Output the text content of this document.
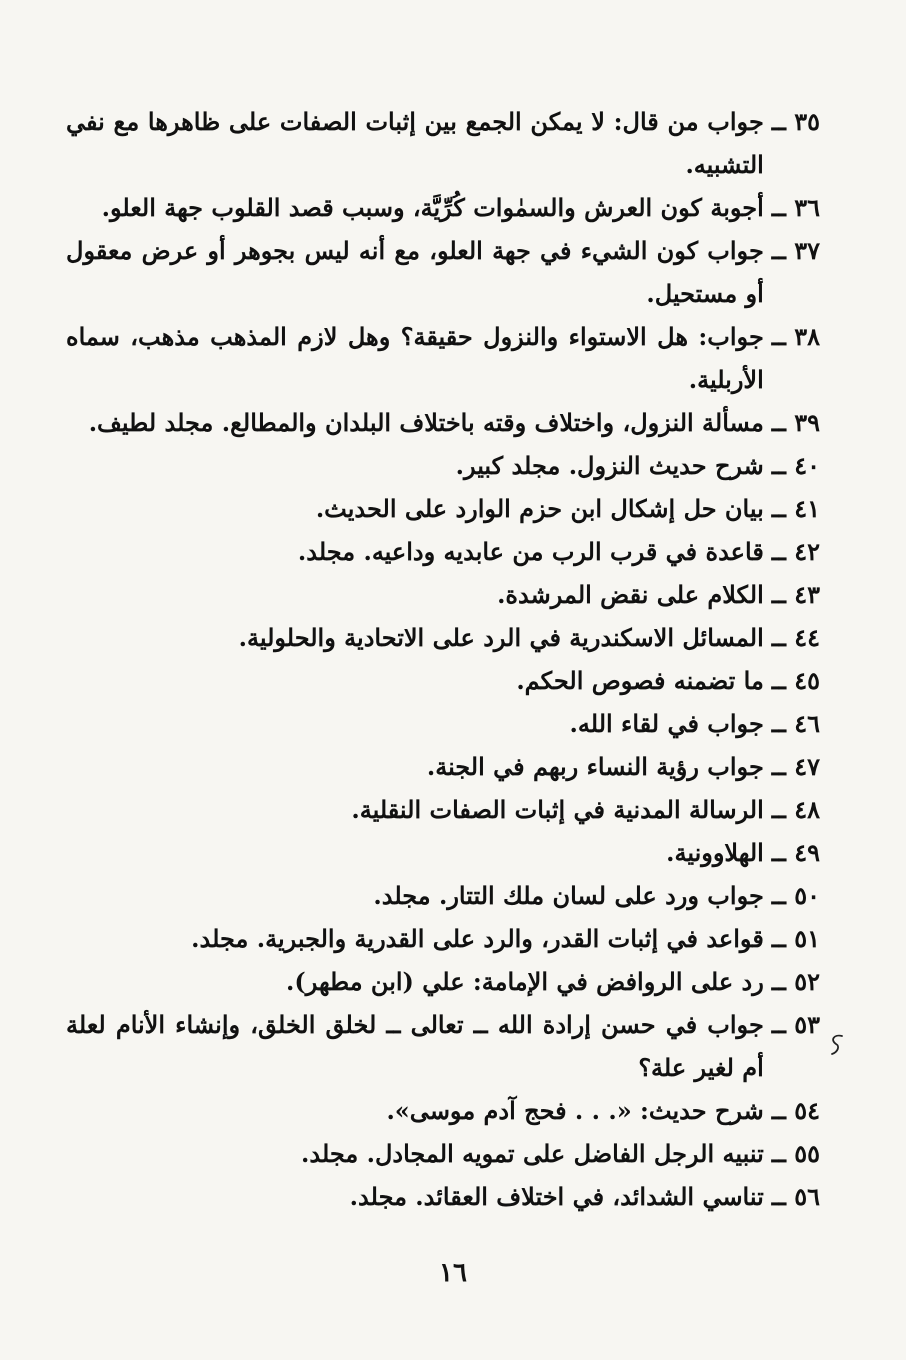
٣٥ ــ
جواب من قال: لا يمكن الجمع بين إثبات الصفات على ظاهرها مع نفي التشبيه.
٣٦ ــ
أجوبة كون العرش والسمٰوات كُرِّيَّة، وسبب قصد القلوب جهة العلو.
٣٧ ــ
جواب كون الشيء في جهة العلو، مع أنه ليس بجوهر أو عرض معقول أو مستحيل.
٣٨ ــ
جواب: هل الاستواء والنزول حقيقة؟ وهل لازم المذهب مذهب، سماه الأربلية.
٣٩ ــ
مسألة النزول، واختلاف وقته باختلاف البلدان والمطالع. مجلد لطيف.
٤٠ ــ
شرح حديث النزول. مجلد كبير.
٤١ ــ
بيان حل إشكال ابن حزم الوارد على الحديث.
٤٢ ــ
قاعدة في قرب الرب من عابديه وداعيه. مجلد.
٤٣ ــ
الكلام على نقض المرشدة.
٤٤ ــ
المسائل الاسكندرية في الرد على الاتحادية والحلولية.
٤٥ ــ
ما تضمنه فصوص الحكم.
٤٦ ــ
جواب في لقاء الله.
٤٧ ــ
جواب رؤية النساء ربهم في الجنة.
٤٨ ــ
الرسالة المدنية في إثبات الصفات النقلية.
٤٩ ــ
الهلاوونية.
٥٠ ــ
جواب ورد على لسان ملك التتار. مجلد.
٥١ ــ
قواعد في إثبات القدر، والرد على القدرية والجبرية. مجلد.
٥٢ ــ
رد على الروافض في الإمامة: علي (ابن مطهر).
٥٣ ــ
جواب في حسن إرادة الله ــ تعالى ــ لخلق الخلق، وإنشاء الأنام لعلة أم لغير علة؟
٥٤ ــ
شرح حديث: «. . . فحج آدم موسى».
٥٥ ــ
تنبيه الرجل الفاضل على تمويه المجادل. مجلد.
٥٦ ــ
تناسي الشدائد، في اختلاف العقائد. مجلد.
١٦
